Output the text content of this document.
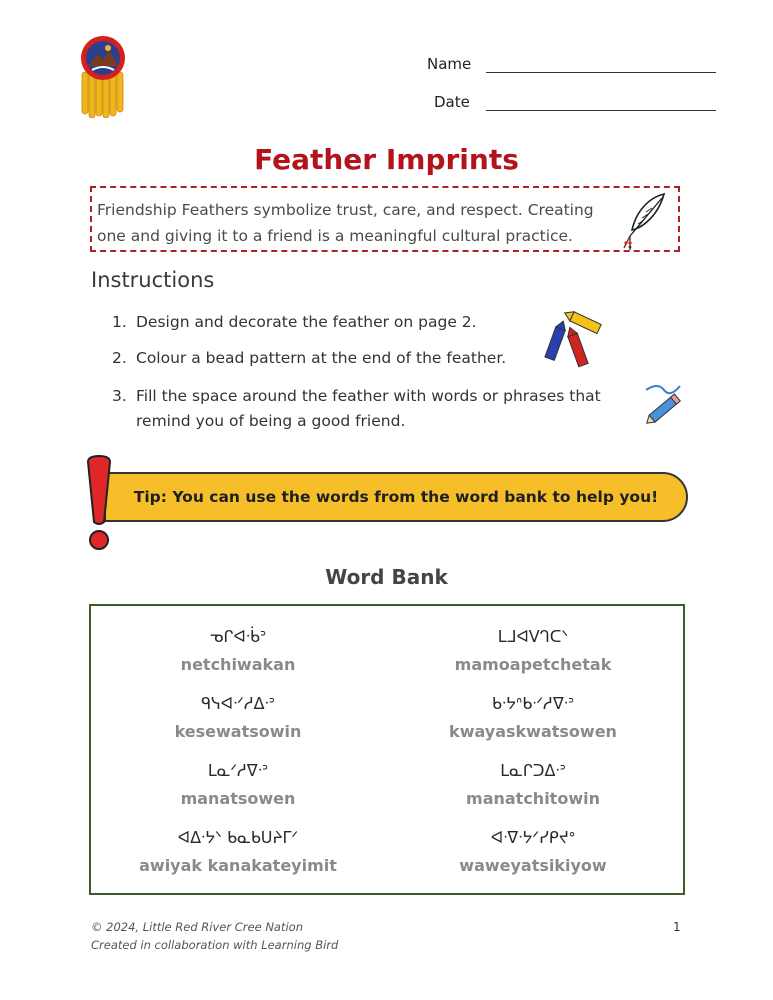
Name
Date
Feather Imprints
Friendship Feathers symbolize trust, care, and respect. Creating one and giving it to a friend is a meaningful cultural practice.
Instructions
1. Design and decorate the feather on page 2.
2. Colour a bead pattern at the end of the feather.
3. Fill the space around the feather with words or phrases that remind you of being a good friend.
Tip: You can use the words from the word bank to help you!
Word Bank
ᓀᒋᐊᐧᑳᐣ
netchiwakan
ᒪᒧᐊᐯᒉᑕᐠ
mamoapetchetak
ᑫᓭᐊᐧᐟᓱᐃᐧᐣ
kesewatsowin
ᑲᐧᔭᐢᑲᐧᐟᓱᐁᐧᐣ
kwayaskwatsowen
ᒪᓇᐟᓱᐁᐧᐣ
manatsowen
ᒪᓇᒋᑐᐃᐧᐣ
manatchitowin
ᐊᐃᐧᔭᐠ ᑲᓇᑲᑌᔨᒥᐟ
awiyak kanakateyimit
ᐊᐧᐁᐧᔭᐟᓯᑭᔪᐤ
waweyatsikiyow
© 2024, Little Red River Cree Nation
Created in collaboration with Learning Bird
1
